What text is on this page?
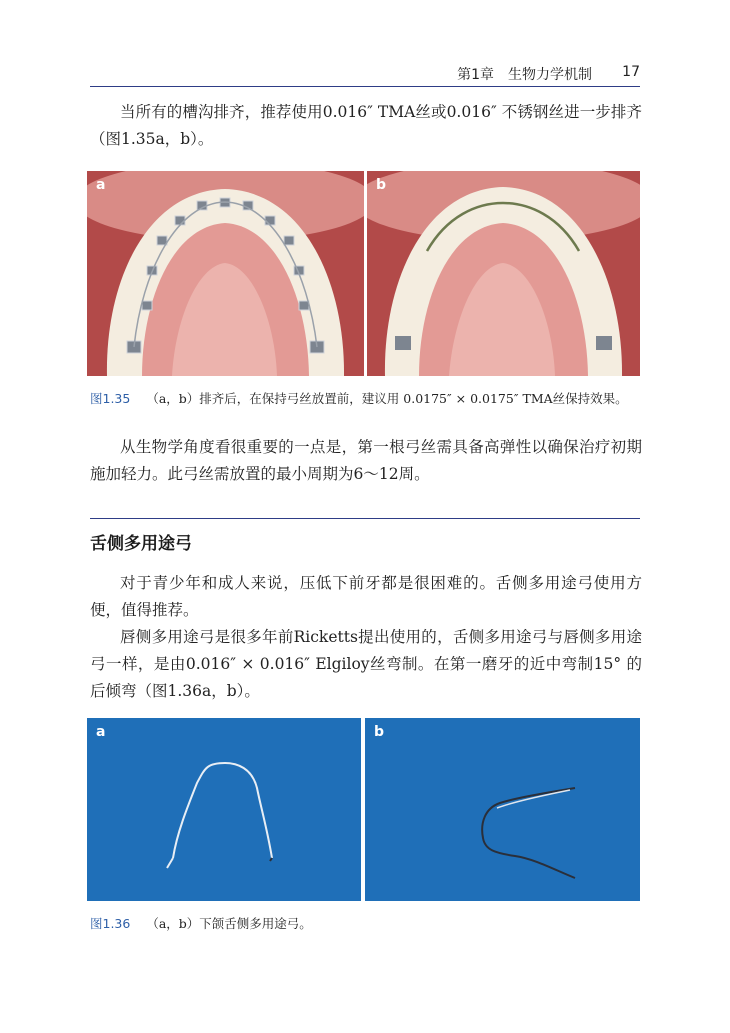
第1章　生物力学机制 17

当所有的槽沟排齐，推荐使用0.016″ TMA丝或0.016″ 不锈钢丝进一步排齐（图1.35a，b）。

a	b
图1.35 （a，b）排齐后，在保持弓丝放置前，建议用 0.0175″ × 0.0175″ TMA丝保持效果。

从生物学角度看很重要的一点是，第一根弓丝需具备高弹性以确保治疗初期施加轻力。此弓丝需放置的最小周期为6～12周。

舌侧多用途弓

对于青少年和成人来说，压低下前牙都是很困难的。舌侧多用途弓使用方便，值得推荐。

唇侧多用途弓是很多年前Ricketts提出使用的，舌侧多用途弓与唇侧多用途弓一样，是由0.016″ × 0.016″ Elgiloy丝弯制。在第一磨牙的近中弯制15° 的后倾弯（图1.36a，b）。

a	b
图1.36 （a，b）下颌舌侧多用途弓。
